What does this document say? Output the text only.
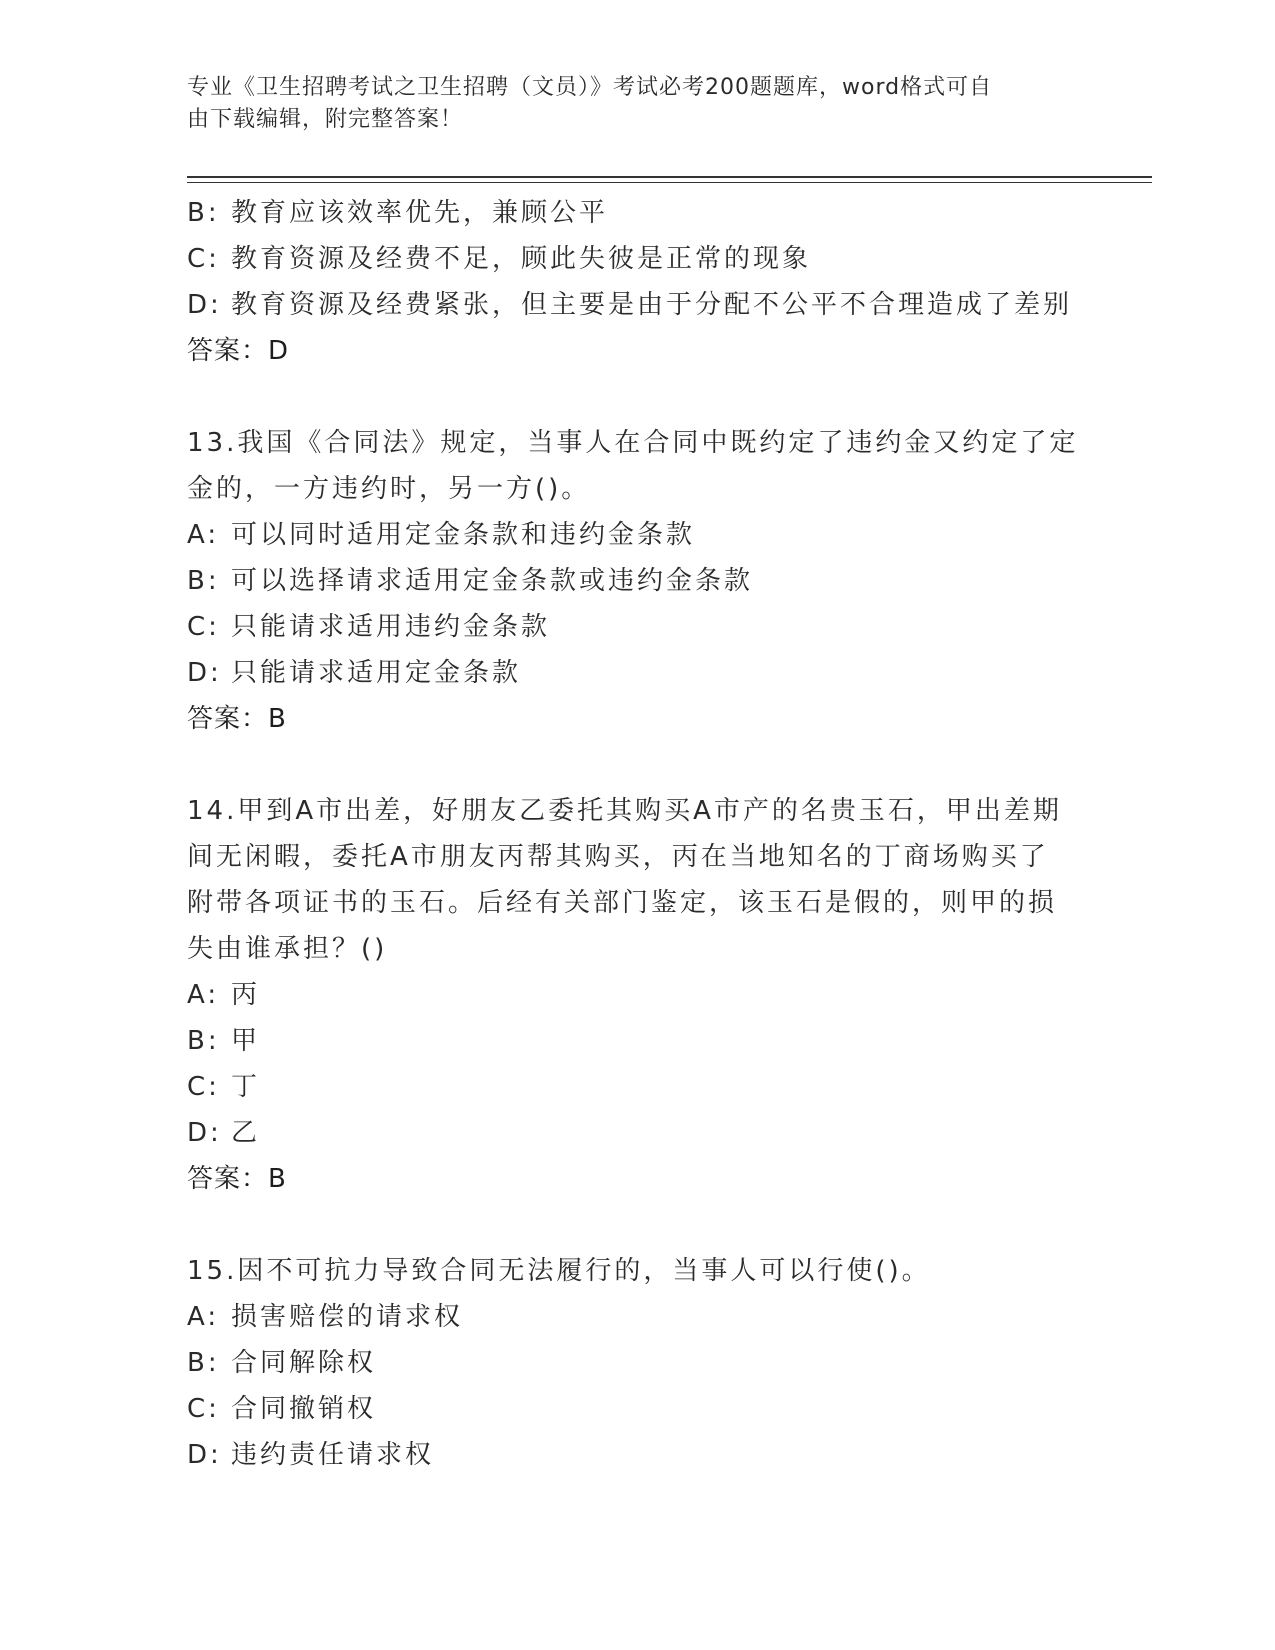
专业《卫生招聘考试之卫生招聘（文员）》考试必考200题题库，word格式可自
由下载编辑，附完整答案！
B: 教育应该效率优先，兼顾公平
C: 教育资源及经费不足，顾此失彼是正常的现象
D: 教育资源及经费紧张，但主要是由于分配不公平不合理造成了差别
答案：D
13.我国《合同法》规定，当事人在合同中既约定了违约金又约定了定
金的，一方违约时，另一方()。
A: 可以同时适用定金条款和违约金条款
B: 可以选择请求适用定金条款或违约金条款
C: 只能请求适用违约金条款
D: 只能请求适用定金条款
答案：B
14.甲到A市出差，好朋友乙委托其购买A市产的名贵玉石，甲出差期
间无闲暇，委托A市朋友丙帮其购买，丙在当地知名的丁商场购买了
附带各项证书的玉石。后经有关部门鉴定，该玉石是假的，则甲的损
失由谁承担？()
A: 丙
B: 甲
C: 丁
D: 乙
答案：B
15.因不可抗力导致合同无法履行的，当事人可以行使()。
A: 损害赔偿的请求权
B: 合同解除权
C: 合同撤销权
D: 违约责任请求权
